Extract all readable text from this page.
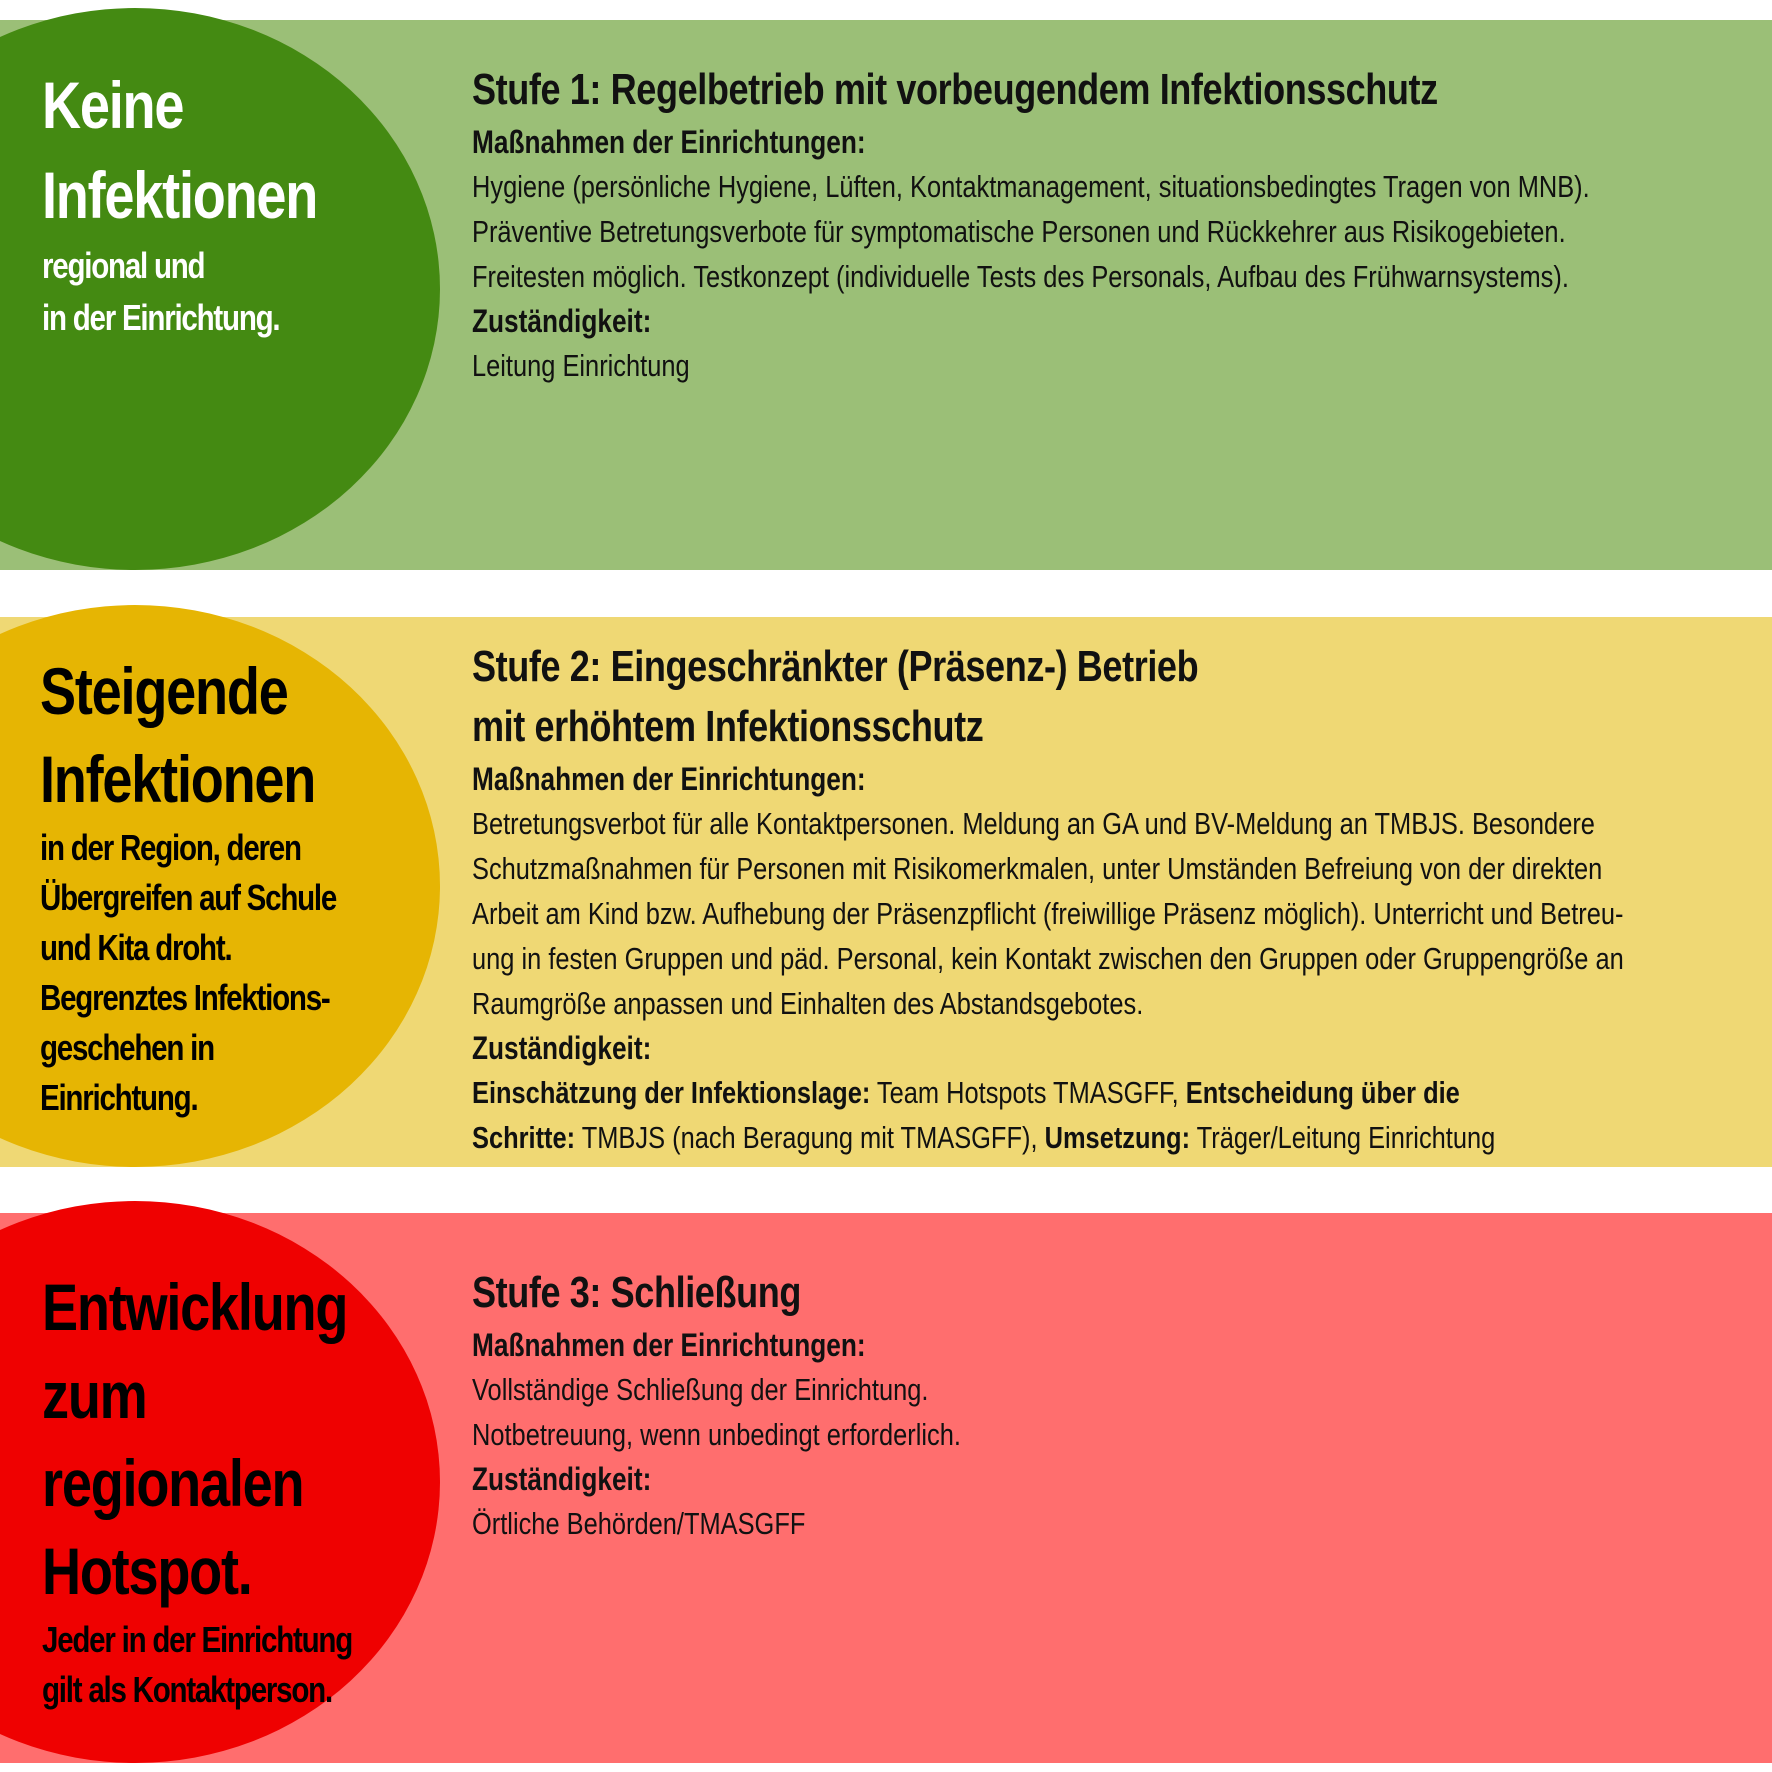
Keine
Infektionen
regional und
in der Einrichtung.
Stufe 1: Regelbetrieb mit vorbeugendem Infektionsschutz
Maßnahmen der Einrichtungen:
Hygiene (persönliche Hygiene, Lüften, Kontaktmanagement, situationsbedingtes Tragen von MNB).
Präventive Betretungsverbote für symptomatische Personen und Rückkehrer aus Risikogebieten.
Freitesten möglich. Testkonzept (individuelle Tests des Personals, Aufbau des Frühwarnsystems).
Zuständigkeit:
Leitung Einrichtung
Steigende
Infektionen
in der Region, deren
Übergreifen auf Schule
und Kita droht.
Begrenztes Infektions-
geschehen in
Einrichtung.
Stufe 2: Eingeschränkter (Präsenz-) Betrieb
mit erhöhtem Infektionsschutz
Maßnahmen der Einrichtungen:
Betretungsverbot für alle Kontaktpersonen. Meldung an GA und BV-Meldung an TMBJS. Besondere
Schutzmaßnahmen für Personen mit Risikomerkmalen, unter Umständen Befreiung von der direkten
Arbeit am Kind bzw. Aufhebung der Präsenzpflicht (freiwillige Präsenz möglich). Unterricht und Betreu-
ung in festen Gruppen und päd. Personal, kein Kontakt zwischen den Gruppen oder Gruppengröße an
Raumgröße anpassen und Einhalten des Abstandsgebotes.
Zuständigkeit:
Einschätzung der Infektionslage: Team Hotspots TMASGFF, Entscheidung über die
Schritte: TMBJS (nach Beragung mit TMASGFF), Umsetzung: Träger/Leitung Einrichtung
Entwicklung
zum regionalen
Hotspot.
Jeder in der Einrichtung
gilt als Kontaktperson.
Stufe 3: Schließung
Maßnahmen der Einrichtungen:
Vollständige Schließung der Einrichtung.
Notbetreuung, wenn unbedingt erforderlich.
Zuständigkeit:
Örtliche Behörden/TMASGFF
